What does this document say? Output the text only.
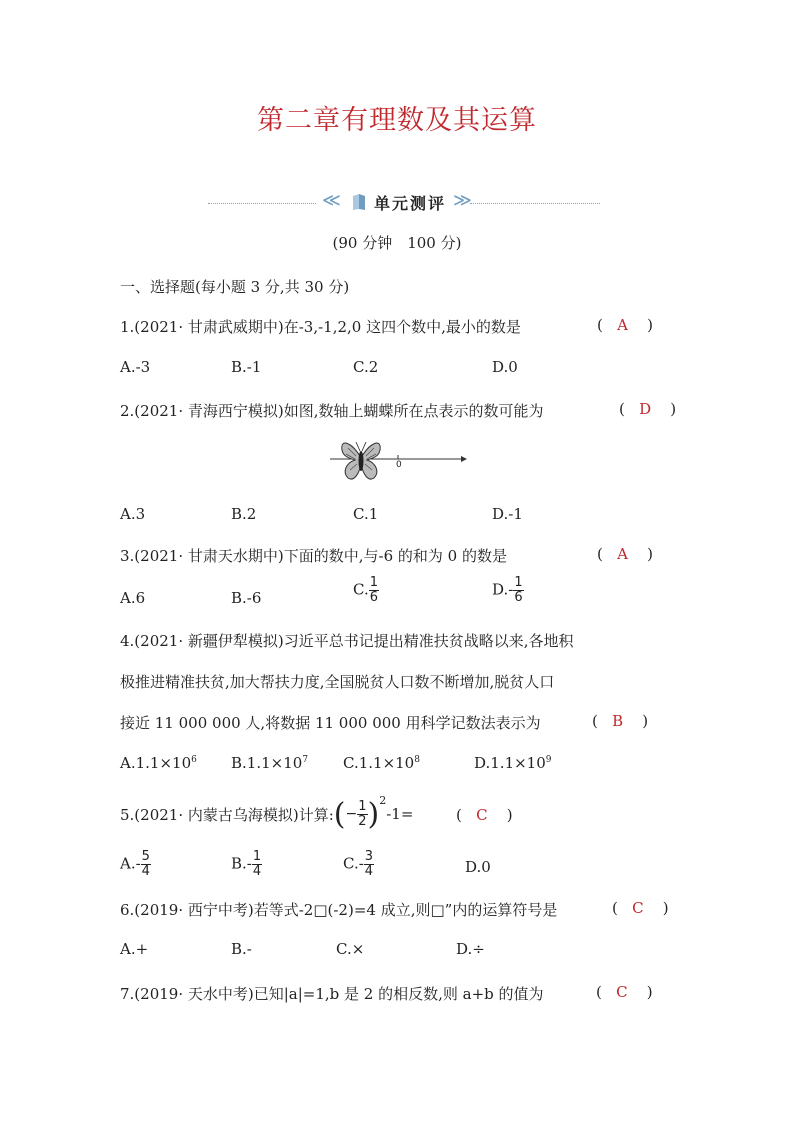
第二章有理数及其运算
≪ 单元测评 ≫
(90 分钟　100 分)
一、选择题(每小题 3 分,共 30 分)
1.(2021· 甘肃武威期中)在-3,-1,2,0 这四个数中,最小的数是	(   A    )
A.-3	B.-1	C.2	D.0
2.(2021· 青海西宁模拟)如图,数轴上蝴蝶所在点表示的数可能为	(   D    )
0
A.3	B.2	C.1	D.-1
3.(2021· 甘肃天水期中)下面的数中,与-6 的和为 0 的数是	(   A    )
A.6	B.-6	C. $\frac{1}{6}$	$D.- \frac{1}{6}$
4.(2021· 新疆伊犁模拟)习近平总书记提出精准扶贫战略以来,各地积
极推进精准扶贫,加大帮扶力度,全国脱贫人口数不断增加,脱贫人口
接近 11 000 000 人,将数据 11 000 000 用科学记数法表示为	(   B    )
$A.1.1\times 10^6$ $B.1.1\times 10^7$ $C.1.1\times 10^8$	$D.1.1\times 10^9$
5.(2021· 内蒙古乌海模拟)计算: ( − $\frac{1}{2}$ ) 2
-1=	(   C    )
$A.- \frac{5}{4}$	$B.- \frac{1}{4}$	$C.- \frac{3}{4}$	D.0
6.(2019· 西宁中考)若等式-2□(-2)=4 成立,则□”内的运算符号是	(   C    )
A.+	B.-	C.×	D.÷
7.(2019· 天水中考)已知|a|=1,b 是 2 的相反数,则 a+b 的值为	(   C    )
